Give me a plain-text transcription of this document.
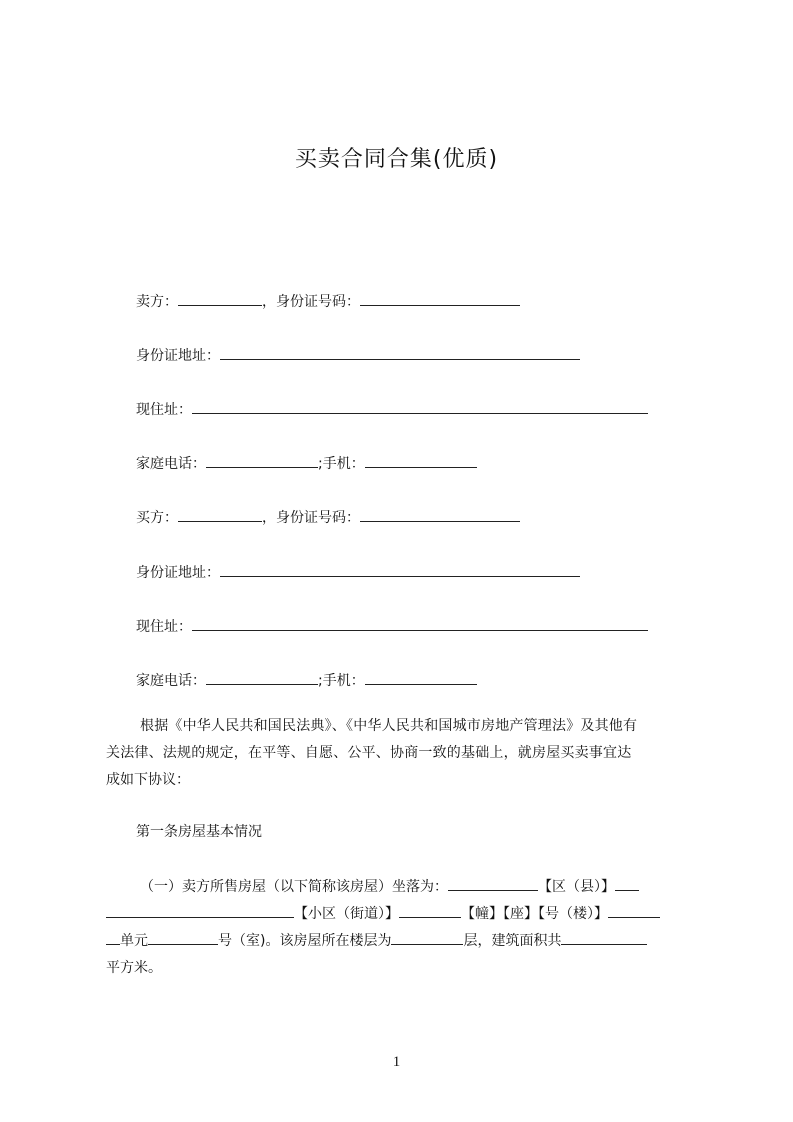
买卖合同合集(优质)
卖方：	，身份证号码：
身份证地址：
现住址：
家庭电话：	;手机：
买方：	，身份证号码：
身份证地址：
现住址：
家庭电话：	;手机：
根据《中华人民共和国民法典》、《中华人民共和国城市房地产管理法》及其他有
关法律、法规的规定，在平等、自愿、公平、协商一致的基础上，就房屋买卖事宜达
成如下协议：
第一条房屋基本情况
（一）卖方所售房屋（以下简称该房屋）坐落为：	【区（县）】
【小区（街道）】	【幢】【座】【号（楼）】
单元	号（室)。该房屋所在楼层为	层，建筑面积共
平方米。
1
